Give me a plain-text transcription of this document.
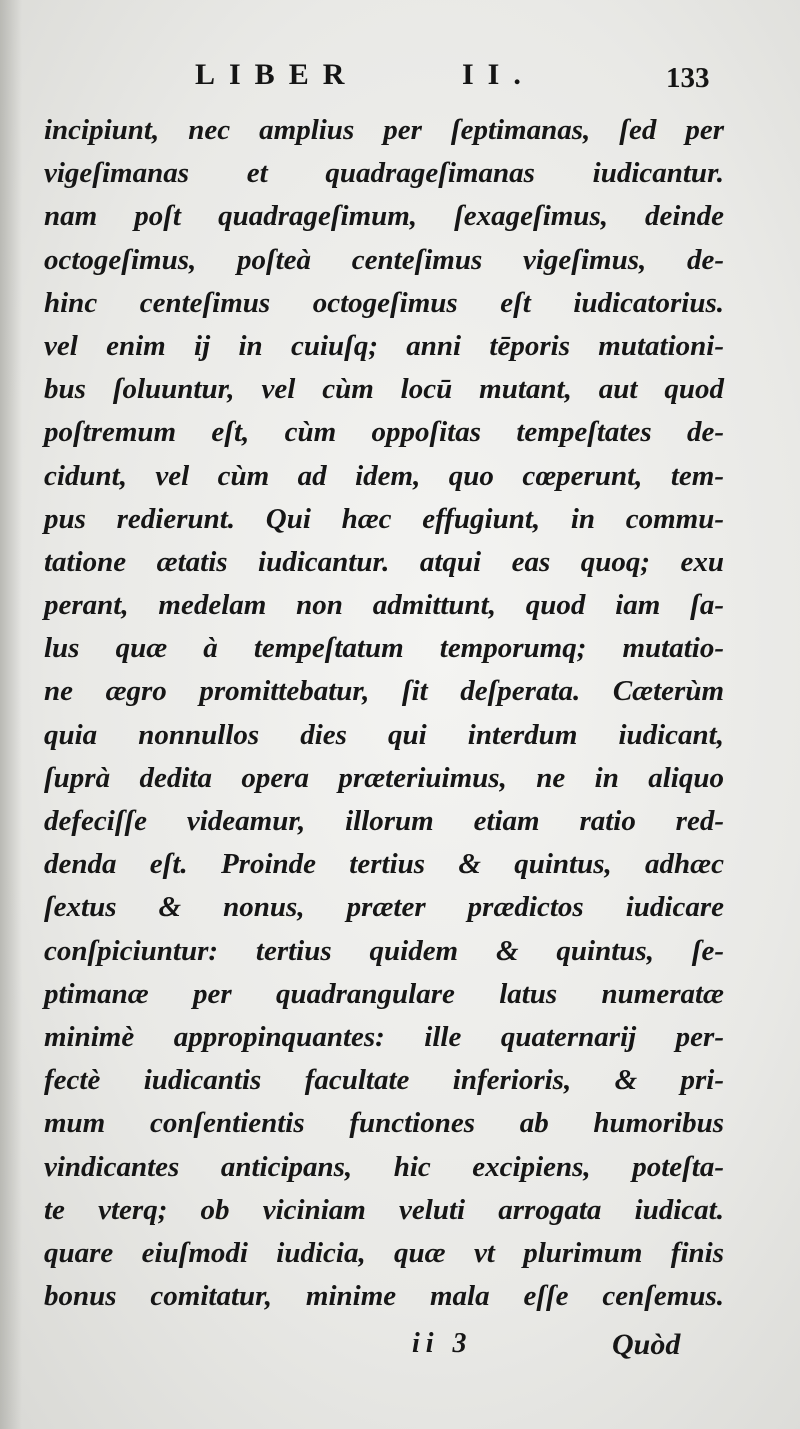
LIBER	II.	133
incipiunt, nec amplius per ſeptimanas, ſed per
vigeſimanas et quadrageſimanas iudicantur.
nam poſt quadrageſimum, ſexageſimus, deinde
octogeſimus, poſteà centeſimus vigeſimus, de-
hinc centeſimus octogeſimus eſt iudicatorius.
vel enim ij in cuiuſq; anni tēporis mutationi-
bus ſoluuntur, vel cùm locū mutant, aut quod
poſtremum eſt, cùm oppoſitas tempeſtates de-
cidunt, vel cùm ad idem, quo cœperunt, tem-
pus redierunt. Qui hæc effugiunt, in commu-
tatione ætatis iudicantur. atqui eas quoq; exu
perant, medelam non admittunt, quod iam ſa-
lus quæ à tempeſtatum temporumq; mutatio-
ne ægro promittebatur, ſit deſperata. Cæterùm
quia nonnullos dies qui interdum iudicant,
ſuprà dedita opera præteriuimus, ne in aliquo
defeciſſe videamur, illorum etiam ratio red-
denda eſt. Proinde tertius & quintus, adhæc
ſextus & nonus, præter prædictos iudicare
conſpiciuntur: tertius quidem & quintus, ſe-
ptimanæ per quadrangulare latus numeratæ
minimè appropinquantes: ille quaternarij per-
fectè iudicantis facultate inferioris, & pri-
mum conſentientis functiones ab humoribus
vindicantes anticipans, hic excipiens, poteſta-
te vterq; ob viciniam veluti arrogata iudicat.
quare eiuſmodi iudicia, quæ vt plurimum finis
bonus comitatur, minime mala eſſe cenſemus.
ii 3	Quòd
